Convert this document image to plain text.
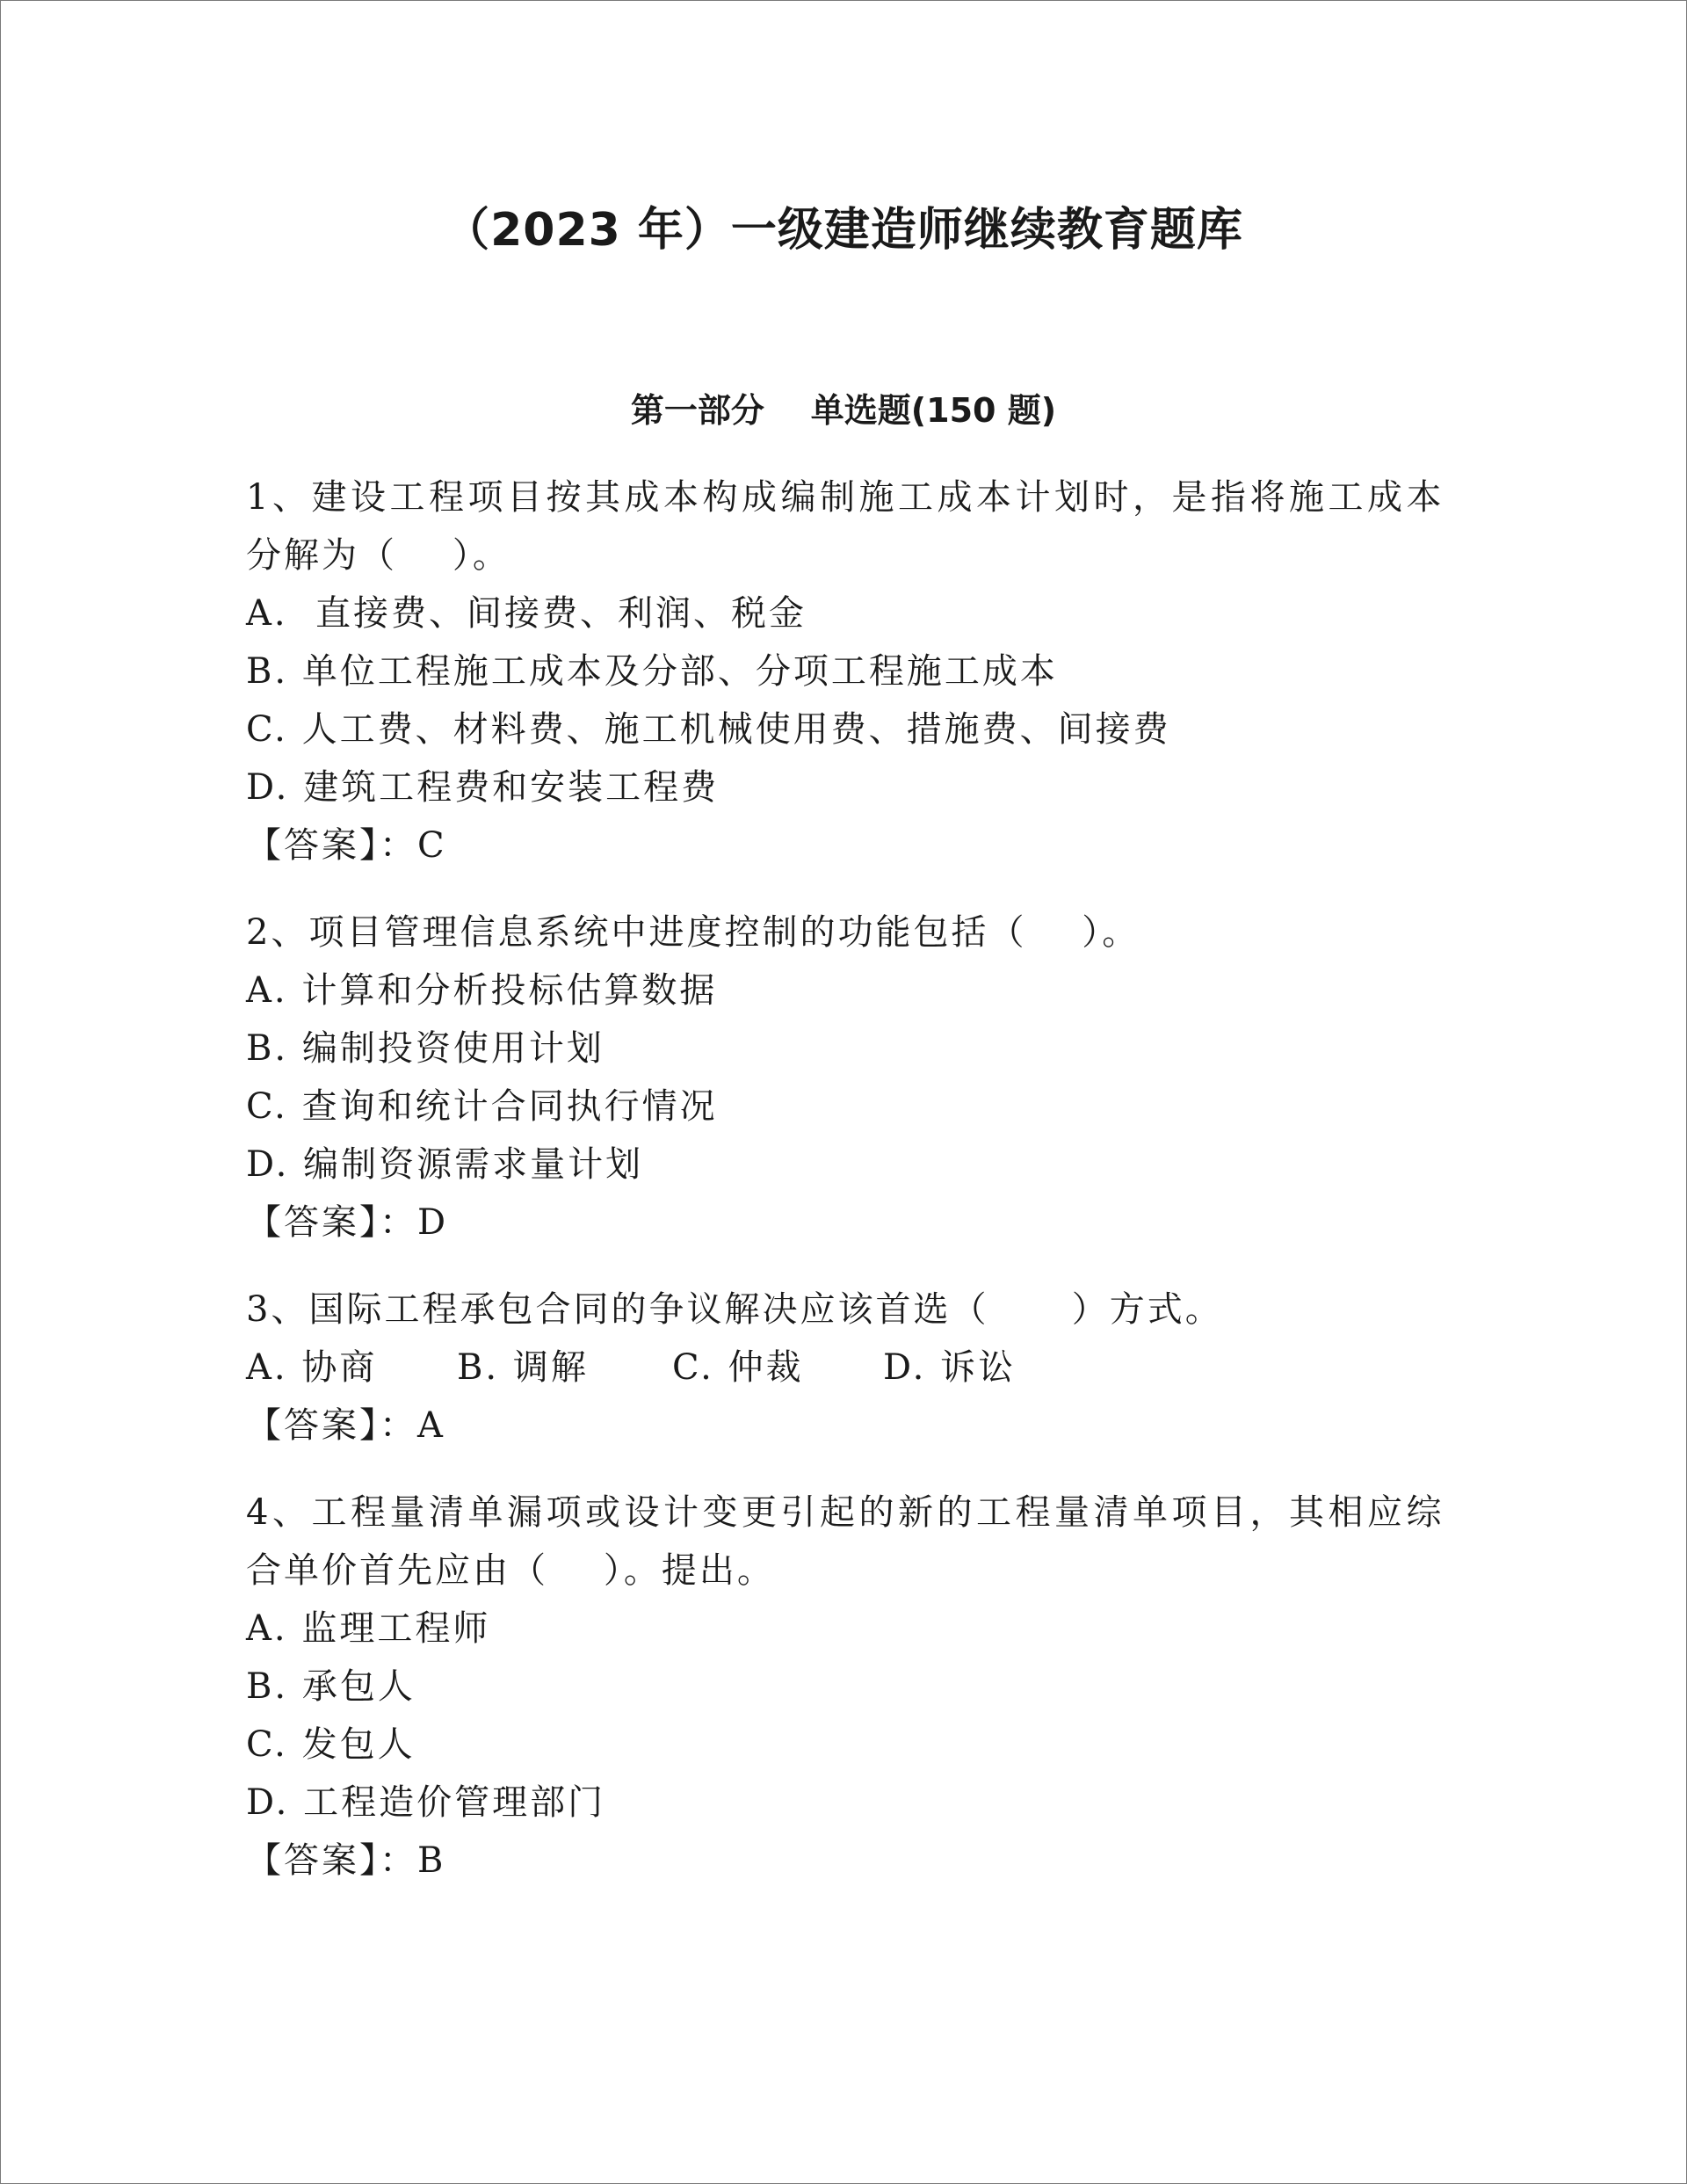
（2023 年）一级建造师继续教育题库
第一部分    单选题(150 题)
1、建设工程项目按其成本构成编制施工成本计划时，是指将施工成本
分解为（    ）。
A.  直接费、间接费、利润、税金
B. 单位工程施工成本及分部、分项工程施工成本
C. 人工费、材料费、施工机械使用费、措施费、间接费
D. 建筑工程费和安装工程费
【答案】：C
2、项目管理信息系统中进度控制的功能包括（    ）。
A. 计算和分析投标估算数据
B. 编制投资使用计划
C. 查询和统计合同执行情况
D. 编制资源需求量计划
【答案】：D
3、国际工程承包合同的争议解决应该首选（      ）方式。
A. 协商	B. 调解	C. 仲裁	D. 诉讼
【答案】：A
4、工程量清单漏项或设计变更引起的新的工程量清单项目，其相应综
合单价首先应由（    ）。提出。
A. 监理工程师
B. 承包人
C. 发包人
D. 工程造价管理部门
【答案】：B
